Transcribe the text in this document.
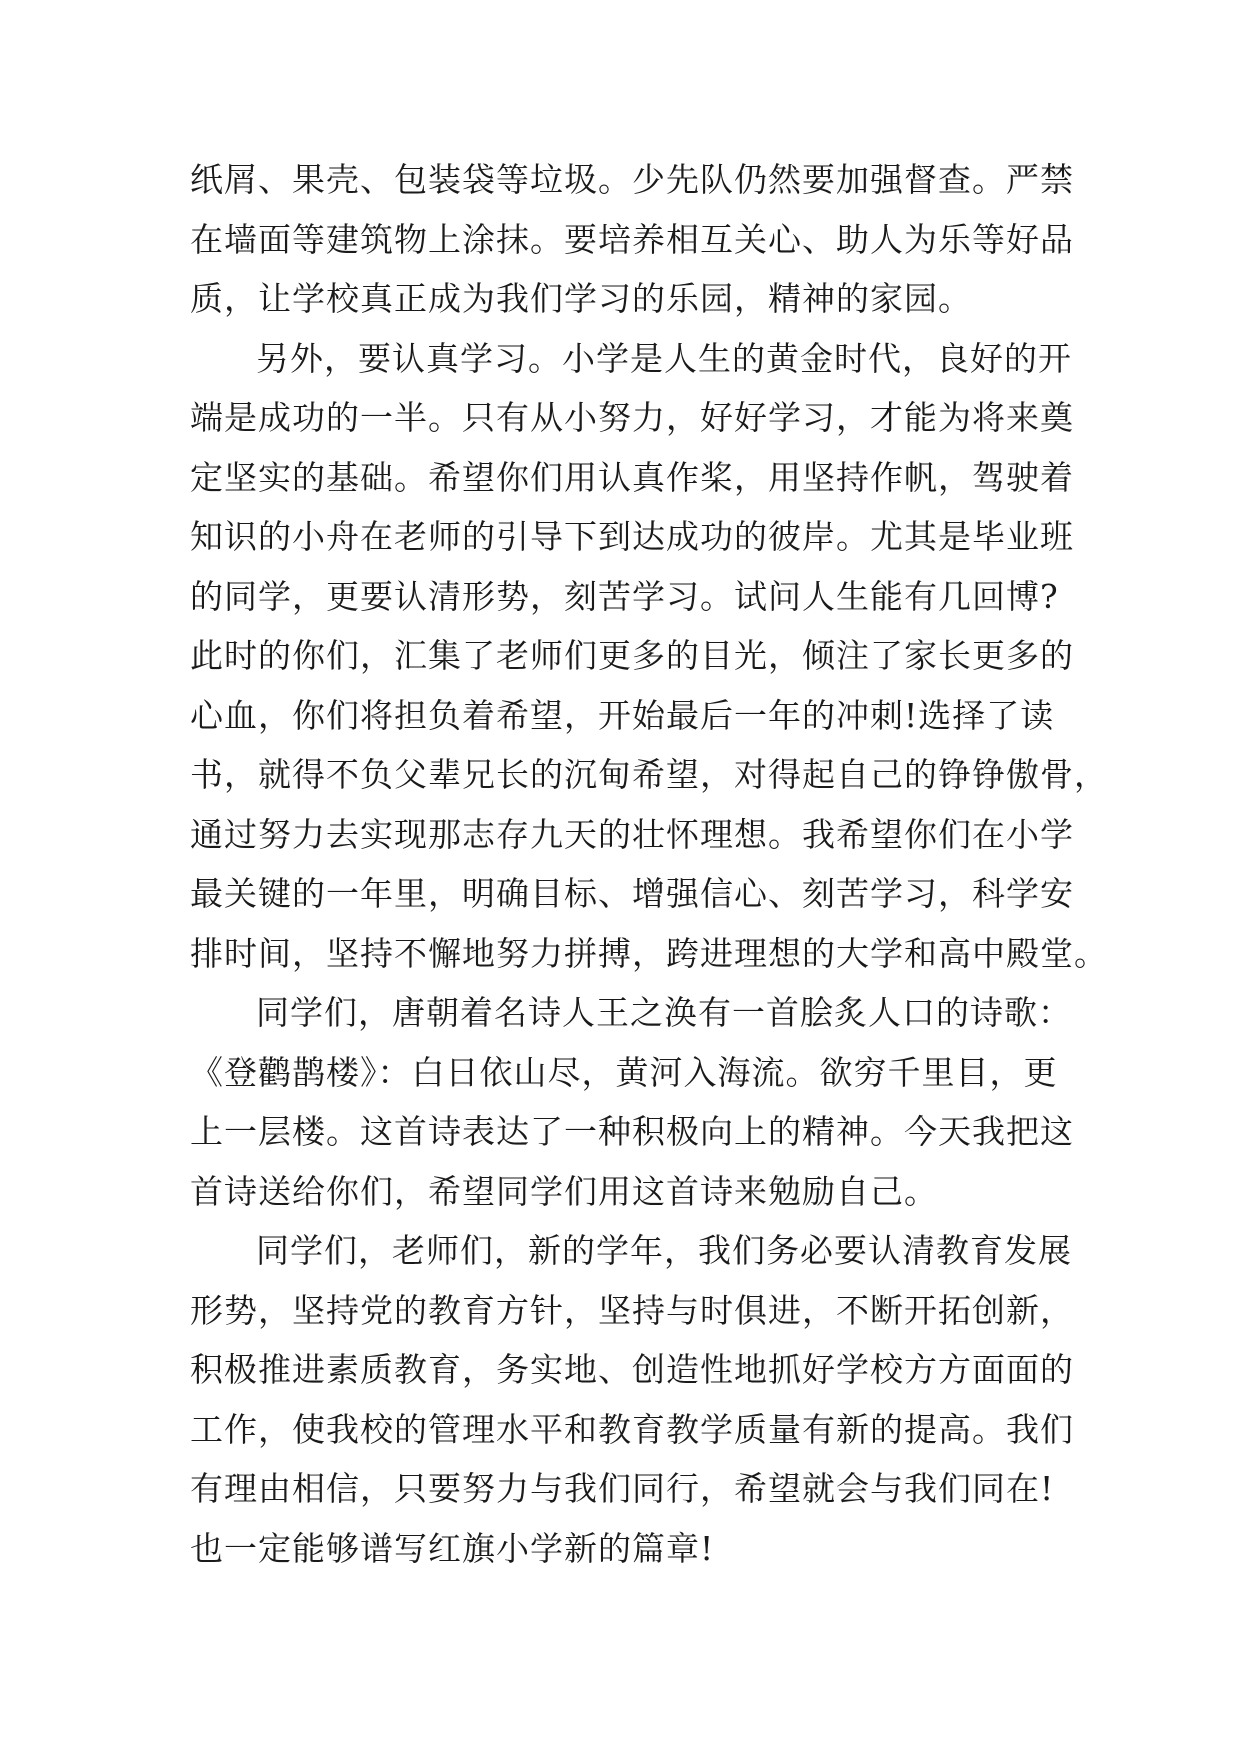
纸屑、果壳、包装袋等垃圾。少先队仍然要加强督查。严禁
在墙面等建筑物上涂抹。要培养相互关心、助人为乐等好品
质，让学校真正成为我们学习的乐园，精神的家园。
另外，要认真学习。小学是人生的黄金时代，良好的开
端是成功的一半。只有从小努力，好好学习，才能为将来奠
定坚实的基础。希望你们用认真作桨，用坚持作帆，驾驶着
知识的小舟在老师的引导下到达成功的彼岸。尤其是毕业班
的同学，更要认清形势，刻苦学习。试问人生能有几回博?
此时的你们，汇集了老师们更多的目光，倾注了家长更多的
心血，你们将担负着希望，开始最后一年的冲刺!选择了读
书，就得不负父辈兄长的沉甸希望，对得起自己的铮铮傲骨，
通过努力去实现那志存九天的壮怀理想。我希望你们在小学
最关键的一年里，明确目标、增强信心、刻苦学习，科学安
排时间，坚持不懈地努力拼搏，跨进理想的大学和高中殿堂。
同学们，唐朝着名诗人王之涣有一首脍炙人口的诗歌：
《登鹳鹊楼》：白日依山尽，黄河入海流。欲穷千里目，更
上一层楼。这首诗表达了一种积极向上的精神。今天我把这
首诗送给你们，希望同学们用这首诗来勉励自己。
同学们，老师们，新的学年，我们务必要认清教育发展
形势，坚持党的教育方针，坚持与时俱进，不断开拓创新，
积极推进素质教育，务实地、创造性地抓好学校方方面面的
工作，使我校的管理水平和教育教学质量有新的提高。我们
有理由相信，只要努力与我们同行，希望就会与我们同在!
也一定能够谱写红旗小学新的篇章!
